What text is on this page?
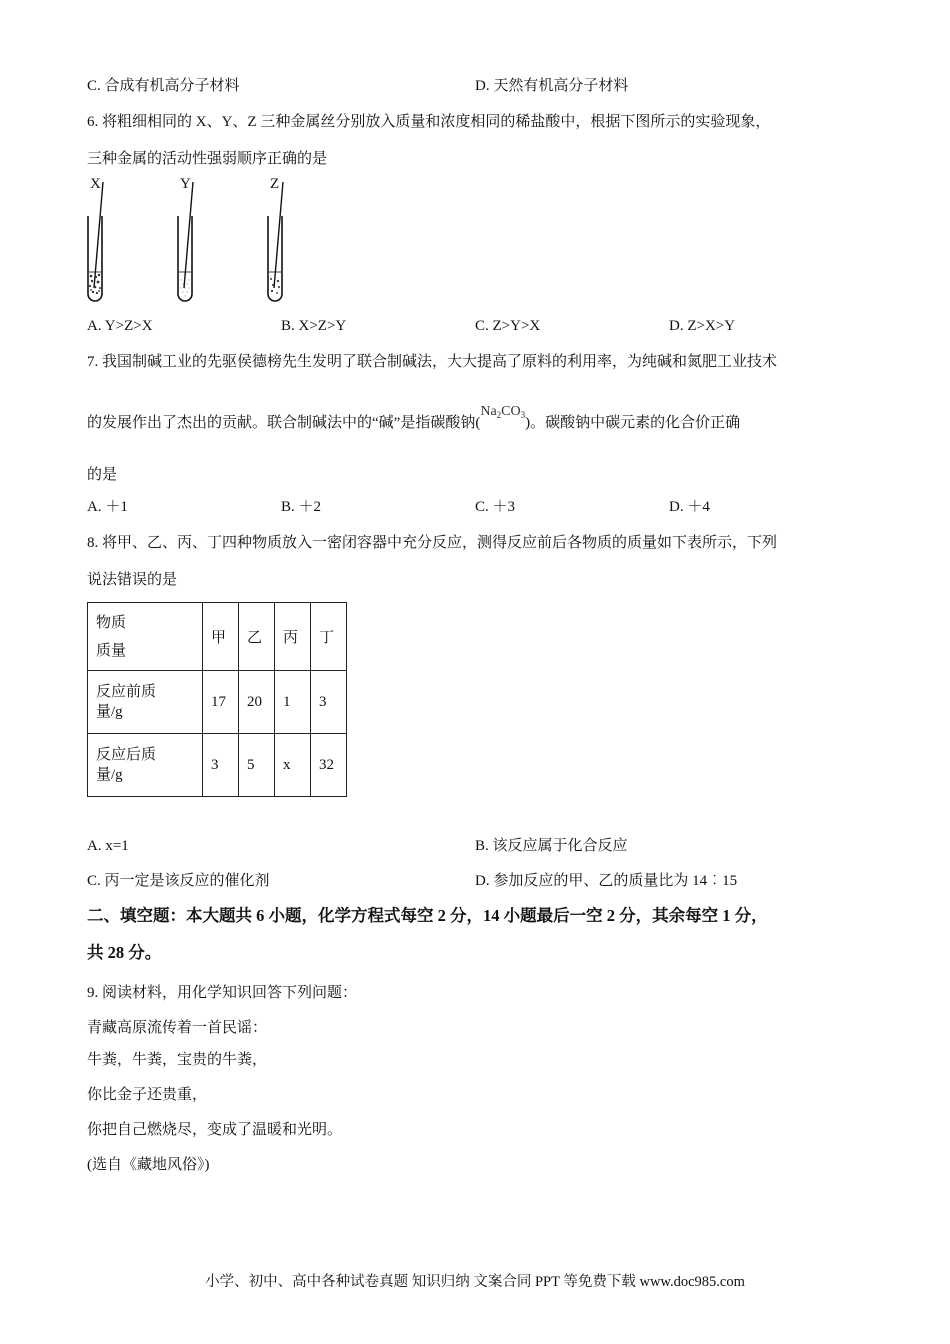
C. 合成有机高分子材料	D. 天然有机高分子材料
6. 将粗细相同的 X、Y、Z 三种金属丝分别放入质量和浓度相同的稀盐酸中，根据下图所示的实验现象，
三种金属的活动性强弱顺序正确的是
X	Y	Z
A. Y>Z>X	B. X>Z>Y	C. Z>Y>X	D. Z>X>Y
7. 我国制碱工业的先驱侯德榜先生发明了联合制碱法，大大提高了原料的利用率，为纯碱和氮肥工业技术
的发展作出了杰出的贡献。联合制碱法中的“碱”是指碳酸钠$(Na_2CO_3)$。碳酸钠中碳元素的化合价正确
的是
A. ＋1	B. ＋2	C. ＋3	D. ＋4
8. 将甲、乙、丙、丁四种物质放入一密闭容器中充分反应，测得反应前后各物质的质量如下表所示，下列
说法错误的是
物质
质量	甲	乙	丙	丁

反应前质
量/g	17	20	1	3

反应后质
量/g	3	5	x	32
A. x=1	B. 该反应属于化合反应
C. 丙一定是该反应的催化剂	D. 参加反应的甲、乙的质量比为 14︰15
二、填空题：本大题共 6 小题，化学方程式每空 2 分，14 小题最后一空 2 分，其余每空 1 分，
共 28 分。
9. 阅读材料，用化学知识回答下列问题：
青藏高原流传着一首民谣：
牛粪，牛粪，宝贵的牛粪，
你比金子还贵重，
你把自己燃烧尽，变成了温暖和光明。
(选自《藏地风俗》)
小学、初中、高中各种试卷真题 知识归纳 文案合同 PPT 等免费下载 www.doc985.com
